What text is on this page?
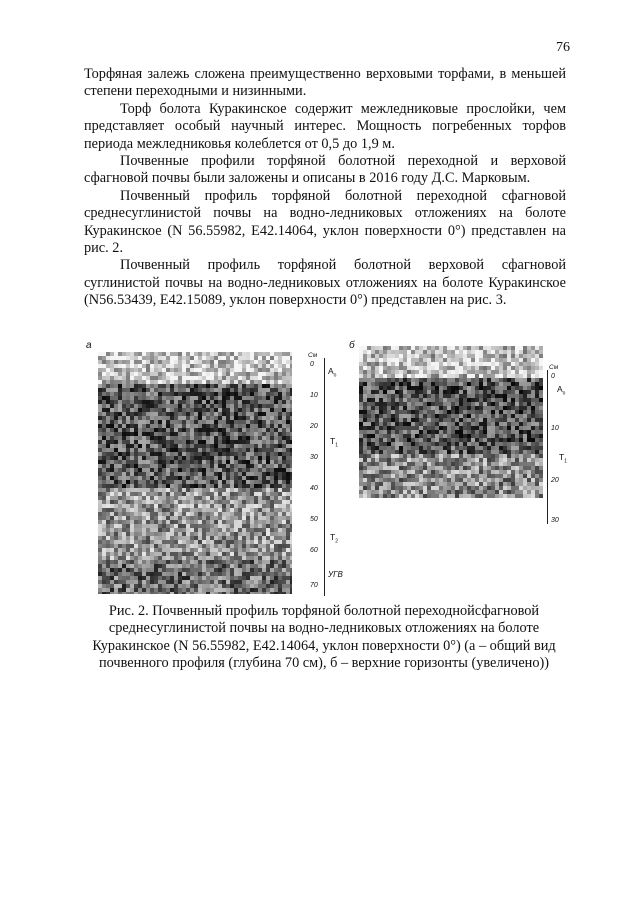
76

Торфяная залежь сложена преимущественно верховыми торфами, в меньшей степени переходными и низинными.

Торф болота Куракинское содержит межледниковые прослойки, чем представляет особый научный интерес. Мощность погребенных торфов периода межледниковья колеблется от 0,5 до 1,9 м.

Почвенные профили торфяной болотной переходной и верховой сфагновой почвы были заложены и описаны в 2016 году Д.С. Марковым.

Почвенный профиль торфяной болотной переходной сфагновой среднесуглинистой почвы на водно-ледниковых отложениях на болоте Куракинское (N 56.55982, E42.14064, уклон поверхности 0°) представлен на рис. 2.

Почвенный профиль торфяной болотной верховой сфагновой суглинистой почвы на водно-ледниковых отложениях на болоте Куракинское (N56.53439, E42.15089, уклон поверхности 0°) представлен на рис. 3.

а
См
0
10
20
30
40
50
60
70
$A_о$
$T_1$
$T_2$
УГВ
б
См
0
10
20
30
$A_о$
$T_1$
Рис. 2. Почвенный профиль торфяной болотной переходнойсфагновой среднесуглинистой почвы на водно-ледниковых отложениях на болоте Куракинское (N 56.55982, E42.14064, уклон поверхности 0°) (а – общий вид почвенного профиля (глубина 70 см), б – верхние горизонты (увеличено))
